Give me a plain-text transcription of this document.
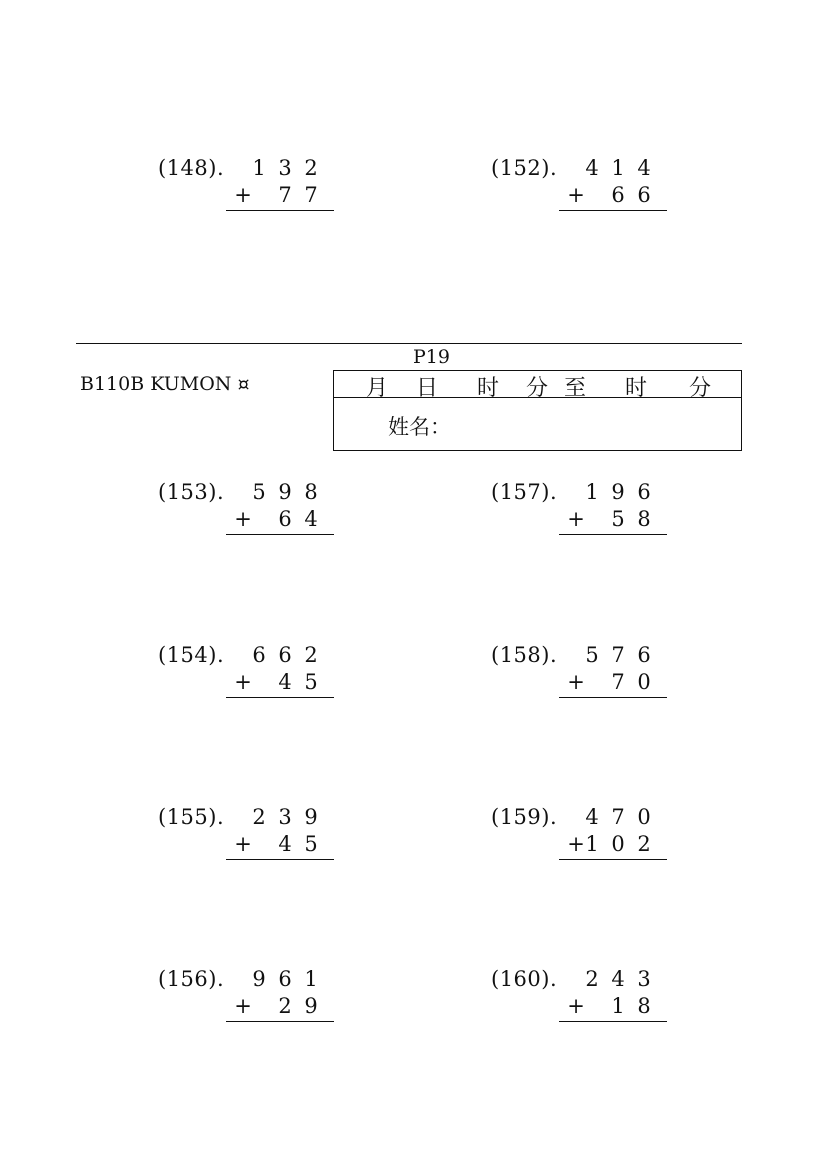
(148). 1 3 2
+ 7 7
(152). 4 1 4
+ 6 6
P19
B110B KUMON ¤	月 日 时 分 至 时 分
姓名：
(153). 5 9 8
+ 6 4
(157). 1 9 6
+ 5 8
(154). 6 6 2
+ 4 5
(158). 5 7 6
+ 7 0
(155). 2 3 9
+ 4 5
(159). 4 7 0
+ 1 0 2
(156). 9 6 1
+ 2 9
(160). 2 4 3
+ 1 8
